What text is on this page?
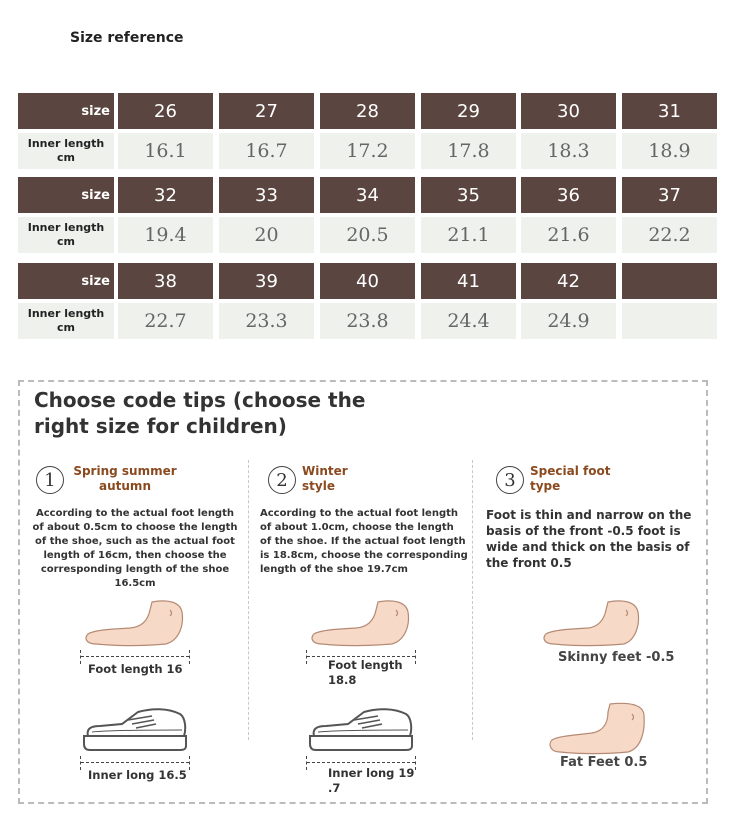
Size reference
size	26	27	28	29	30	31
Inner length cm	16.1	16.7	17.2	17.8	18.3	18.9
size	32	33	34	35	36	37
Inner length cm	19.4	20	20.5	21.1	21.6	22.2
size	38	39	40	41	42
Inner length cm	22.7	23.3	23.8	24.4	24.9
Choose code tips (choose the right size for children)
1	Spring summer autumn
According to the actual foot length of about 0.5cm to choose the length of the shoe, such as the actual foot length of 16cm, then choose the corresponding length of the shoe 16.5cm
Foot length 16
Inner long 16.5
2	Winter style
According to the actual foot length of about 1.0cm, choose the length of the shoe. If the actual foot length is 18.8cm, choose the corresponding length of the shoe 19.7cm
Foot length 18.8
Inner long 19 .7
3	Special foot type
Foot is thin and narrow on the basis of the front -0.5 foot is wide and thick on the basis of the front 0.5
Skinny feet -0.5
Fat Feet 0.5
